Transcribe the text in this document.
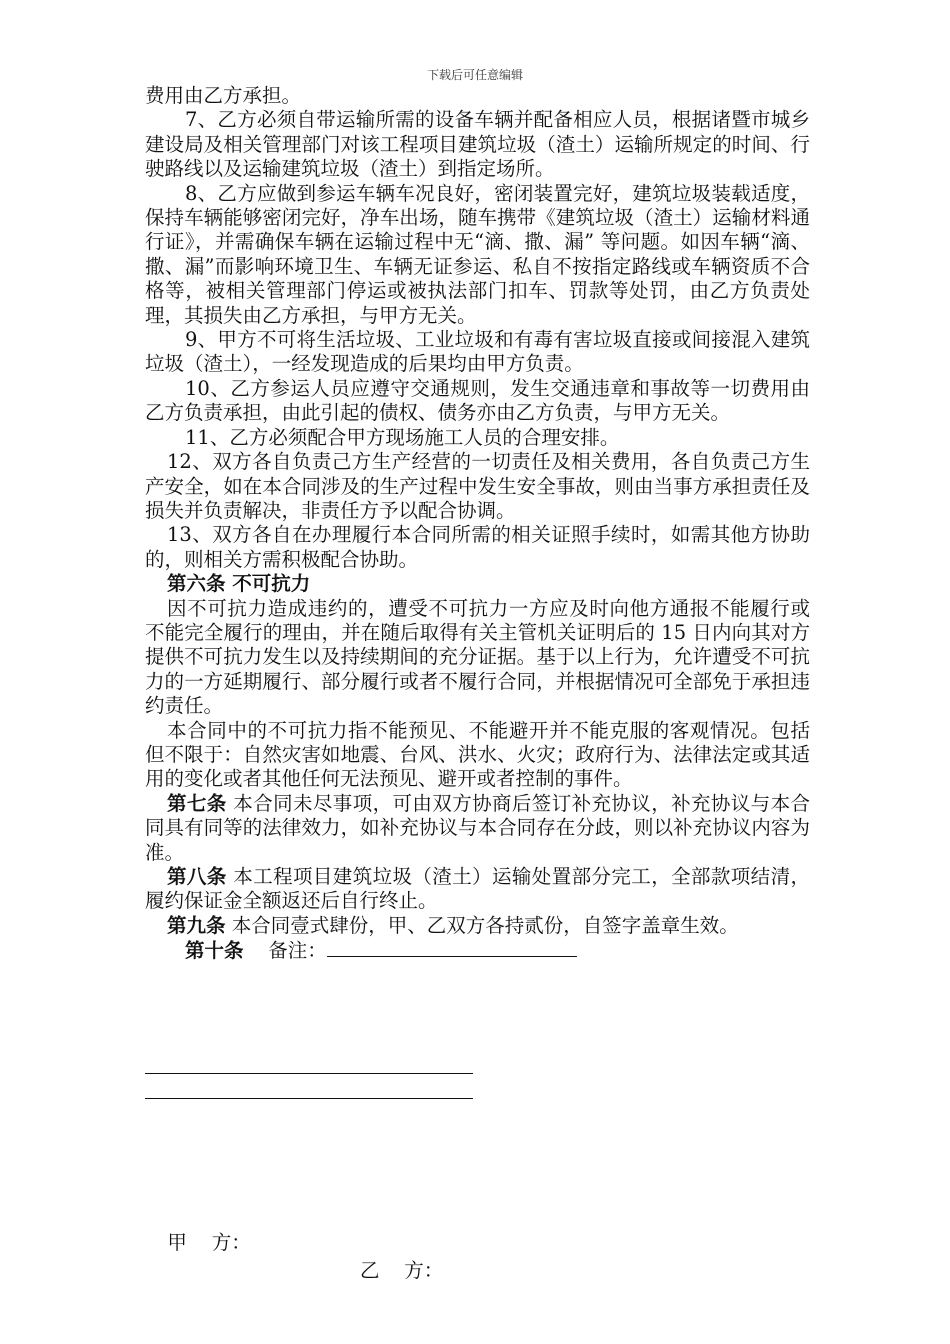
下载后可任意编辑

费用由乙方承担。

7、乙方必须自带运输所需的设备车辆并配备相应人员，根据诸暨市城乡建设局及相关管理部门对该工程项目建筑垃圾（渣土）运输所规定的时间、行驶路线以及运输建筑垃圾（渣土）到指定场所。

8、乙方应做到参运车辆车况良好，密闭装置完好，建筑垃圾装载适度，保持车辆能够密闭完好，净车出场，随车携带《建筑垃圾（渣土）运输材料通行证》，并需确保车辆在运输过程中无“滴、撒、漏” 等问题。如因车辆“滴、撒、漏”而影响环境卫生、车辆无证参运、私自不按指定路线或车辆资质不合格等，被相关管理部门停运或被执法部门扣车、罚款等处罚，由乙方负责处理，其损失由乙方承担，与甲方无关。

9、甲方不可将生活垃圾、工业垃圾和有毒有害垃圾直接或间接混入建筑垃圾（渣土），一经发现造成的后果均由甲方负责。

10、乙方参运人员应遵守交通规则，发生交通违章和事故等一切费用由乙方负责承担，由此引起的债权、债务亦由乙方负责，与甲方无关。

11、乙方必须配合甲方现场施工人员的合理安排。

12、双方各自负责己方生产经营的一切责任及相关费用，各自负责己方生产安全，如在本合同涉及的生产过程中发生安全事故，则由当事方承担责任及损失并负责解决，非责任方予以配合协调。

13、双方各自在办理履行本合同所需的相关证照手续时，如需其他方协助的，则相关方需积极配合协助。

第六条 不可抗力

因不可抗力造成违约的，遭受不可抗力一方应及时向他方通报不能履行或不能完全履行的理由，并在随后取得有关主管机关证明后的 15 日内向其对方提供不可抗力发生以及持续期间的充分证据。基于以上行为，允许遭受不可抗力的一方延期履行、部分履行或者不履行合同，并根据情况可全部免于承担违约责任。

本合同中的不可抗力指不能预见、不能避开并不能克服的客观情况。包括但不限于：自然灾害如地震、台风、洪水、火灾；政府行为、法律法定或其适用的变化或者其他任何无法预见、避开或者控制的事件。

第七条 本合同未尽事项，可由双方协商后签订补充协议，补充协议与本合同具有同等的法律效力，如补充协议与本合同存在分歧，则以补充协议内容为准。

第八条 本工程项目建筑垃圾（渣土）运输处置部分完工，全部款项结清，履约保证金全额返还后自行终止。

第九条 本合同壹式肆份，甲、乙双方各持贰份，自签字盖章生效。

第十条    备注：

甲    方：

乙    方：
